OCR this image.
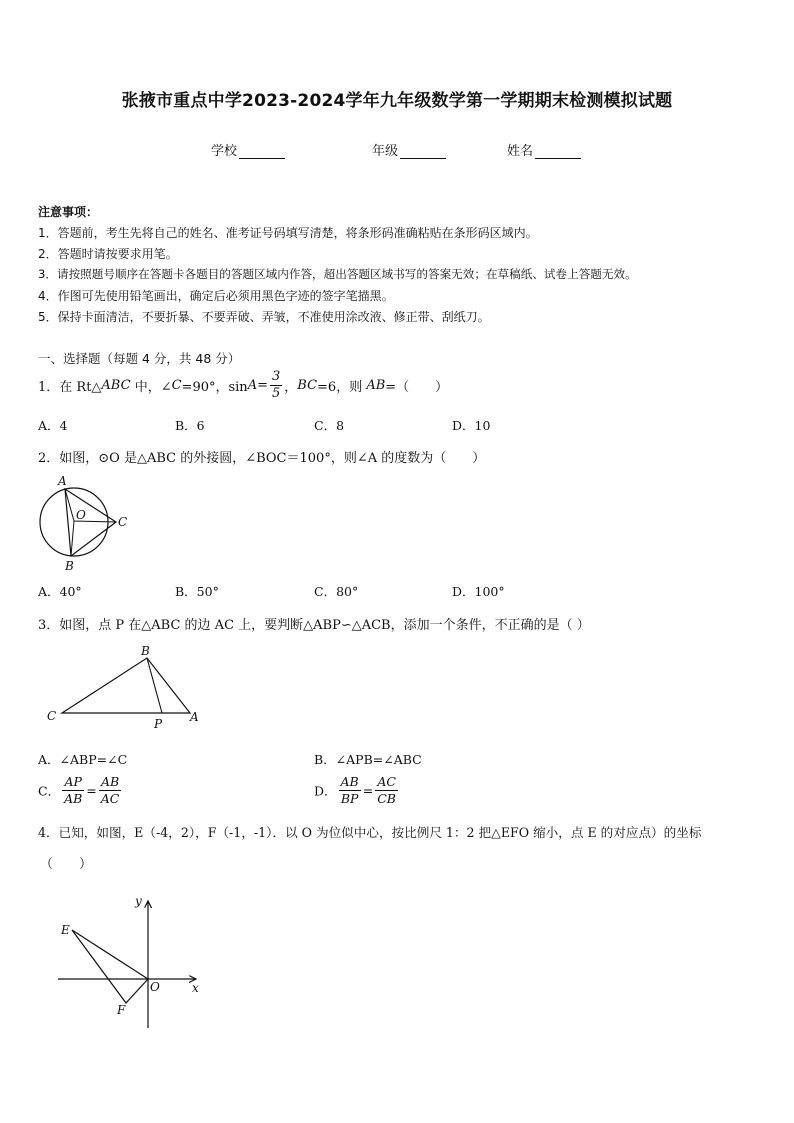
张掖市重点中学2023-2024学年九年级数学第一学期期末检测模拟试题
学校	年级	姓名
注意事项：
1．答题前，考生先将自己的姓名、准考证号码填写清楚，将条形码准确粘贴在条形码区域内。
2．答题时请按要求用笔。
3．请按照题号顺序在答题卡各题目的答题区域内作答，超出答题区域书写的答案无效；在草稿纸、试卷上答题无效。
4．作图可先使用铅笔画出，确定后必须用黑色字迹的签字笔描黑。
5．保持卡面清洁，不要折暴、不要弄破、弄皱，不准使用涂改液、修正带、刮纸刀。
一、选择题（每题 4 分，共 48 分）
1．在 Rt△ABC 中，∠C=90°，$\sin A= \frac{3}{5}$ ，BC=6，则 AB=（　　）
A．4	B．6	C．8	D．10
2．如图，⊙O 是△ABC 的外接圆，∠BOC＝100°，则∠A 的度数为（　　）
A
O	C
B
A．40°	B．50°	C．80°	D．100°
3．如图，点 P 在△ABC 的边 AC 上，要判断△ABP∽△ACB，添加一个条件，不正确的是（ ）
B
C
P A
A．∠ABP=∠C	B．∠APB=∠ABC
C． $\frac{AP}{AB} = \frac{AB}{AC}$	D． $\frac{AB}{BP} = \frac{AC}{CB}$
4．已知，如图，E（-4，2），F（-1，-1）．以 O 为位似中心，按比例尺 1：2 把△EFO 缩小，点 E 的对应点）的坐标
（　　）
y
x
E
O
F
